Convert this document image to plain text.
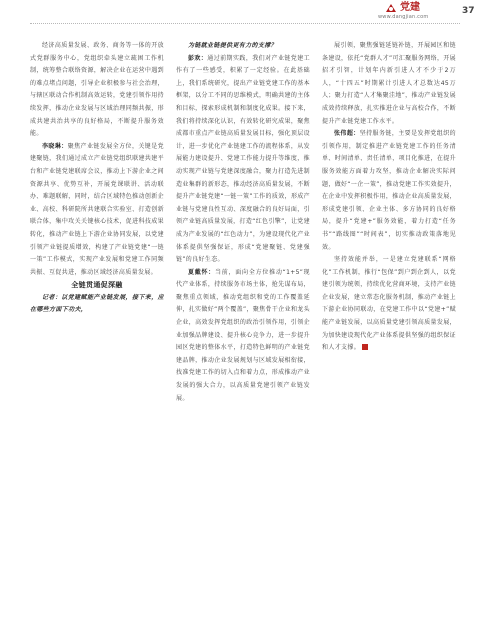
党建
www.dangjian.com
37

经济高质量发展、政务、商务等一体的开放式党群服务中心，党组织牵头建立疏困工作机制，统筹整合联络资源，解决企业在运营中遇到的难点堵点问题，引导企业积极参与社会治理，与辖区联动合作机制高效运转，党建引领作用持续发挥，推动企业发展与区域治理同频共振，形成共建共治共享的良好格局，不断提升服务效能。

李晓琳：聚焦产业链发展全方位，关键是党建聚链，我们通过成立产业链党组织联建共建平台和产业链党建联席会议，推动上下游企业之间资源共享、优势互补，开展党课联讲、活动联办、难题联解，同时，结合区域特色推动创新企业、高校、科研院所共建联合实验室、打造创新联合体，集中攻关关键核心技术，促进科技成果转化，推动产业链上下游企业协同发展，以党建引领产业链提质增效，构建了产业链党建“一链一策”工作模式，实现产业发展和党建工作同频共振、互促共进，推动区域经济高质量发展。

全链贯通促深融

记者：以党建赋能产业链发展，接下来，应在哪些方面下功夫，

为链就业链提供更有力的支撑？

彭欢：通过前期实践，我们对产业链党建工作有了一些感受，积累了一定经验。在此基础上，我们系统研究，提出产业链党建工作的基本框架，以分工不同的思维模式，明确共建的主体和目标，探索形成机制和制度化成果。接下来，我们将持续深化认识，有效转化研究成果，聚焦成都市重点产业链高质量发展目标，强化顶层设计，进一步优化产业链建工作的流程体系，从发展能力建设提升、党建工作能力提升等维度，推动实现产业链与党建深度融合，聚力打造先进制造业集群的新形态，推动经济高质量发展，不断提升产业链党建“一链一策”工作的质效，形成产业链与党建良性互动、深度融合的良好局面，引领产业链高质量发展，打造“红色引擎”，让党建成为产业发展的“红色动力”，为建设现代化产业体系提供坚强保证，形成“党建聚链、党建强链”的良好生态。

夏戴怀：当前，面向全方位推动“1+5”现代产业体系，持续服务市场主体，抢先谋布局，聚焦重点领域，推动党组织和党的工作覆盖延伸，扎实做好“两个覆盖”，聚焦骨干企业和龙头企业，高效发挥党组织的政治引领作用，引领企业加强品牌建设、提升核心竞争力，进一步提升园区党建的整体水平，打造特色鲜明的产业链党建品牌，推动企业发展规划与区域发展相衔接，找准党建工作的切入点和着力点，形成推动产业发展的强大合力，以高质量党建引领产业链发展。

展引领，聚焦强链延链补链，开展园区和链条建设，依托“党群人才”可汇聚服务网络，开展招才引智，计划年内新引进人才不少于2万人，“十四五”时期累计引进人才总数达45万人；聚力打造“人才集聚洼地”，推动产业链发展成效持续释放，扎实推进企业与高校合作，不断提升产业链党建工作水平。

张伟超：坚持服务链，主要是发挥党组织的引领作用，制定推进产业链党建工作的任务清单、时间清单、责任清单，项目化推进，在提升服务效能方面着力攻坚，推动企业解决实际问题，做好“一企一策”，推动党建工作实效提升，在企业中发挥积极作用，推动企业高质量发展，形成党建引领、企业主体、多方协同的良好格局，提升“党建+”服务效能，着力打造“任务书”“路线图”“时间表”，切实推动政策落地见效。

坚持效能并举，一是建立党建联系“网格化”工作机制，推行“包保”到户到企到人，以党建引领为统领，持续优化营商环境，支持产业链企业发展，建立常态化服务机制，推动产业链上下游企业协同联动，在党建工作中以“党建+”赋能产业链发展，以高质量党建引领高质量发展，为加快建设现代化产业体系提供坚强的组织保证和人才支撑。
